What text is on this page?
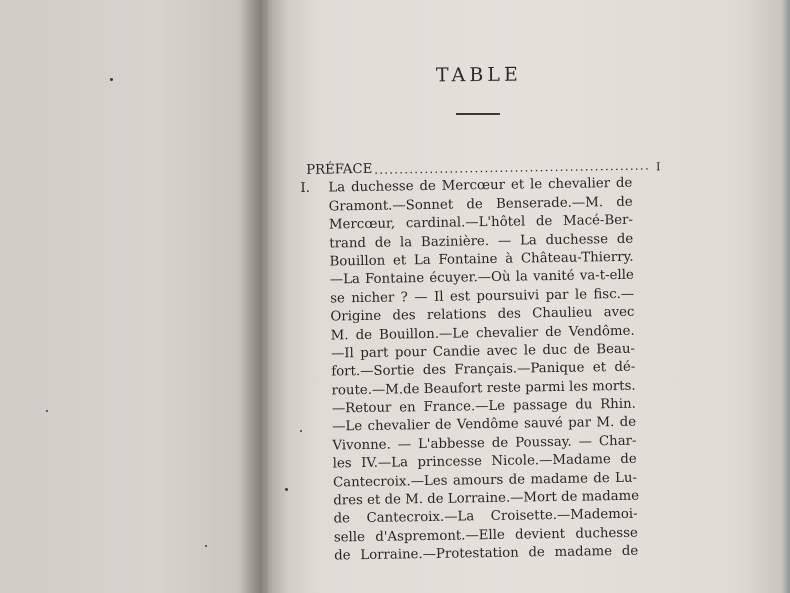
TABLE
PRÉFACE ....................................................... I
I. La duchesse de Mercœur et le chevalier de
Gramont.—Sonnet de Benserade.—M. de
Mercœur, cardinal.—L'hôtel de Macé-Ber-
trand de la Bazinière. — La duchesse de
Bouillon et La Fontaine à Château-Thierry.
—La Fontaine écuyer.—Où la vanité va-t-elle
se nicher ? — Il est poursuivi par le fisc.—
Origine des relations des Chaulieu avec
M. de Bouillon.—Le chevalier de Vendôme.
—Il part pour Candie avec le duc de Beau-
fort.—Sortie des Français.—Panique et dé-
route.—M.de Beaufort reste parmi les morts.
—Retour en France.—Le passage du Rhin.
—Le chevalier de Vendôme sauvé par M. de
Vivonne. — L'abbesse de Poussay. — Char-
les IV.—La princesse Nicole.—Madame de
Cantecroix.—Les amours de madame de Lu-
dres et de M. de Lorraine.—Mort de madame
de Cantecroix.—La Croisette.—Mademoi-
selle d'Aspremont.—Elle devient duchesse
de Lorraine.—Protestation de madame de
